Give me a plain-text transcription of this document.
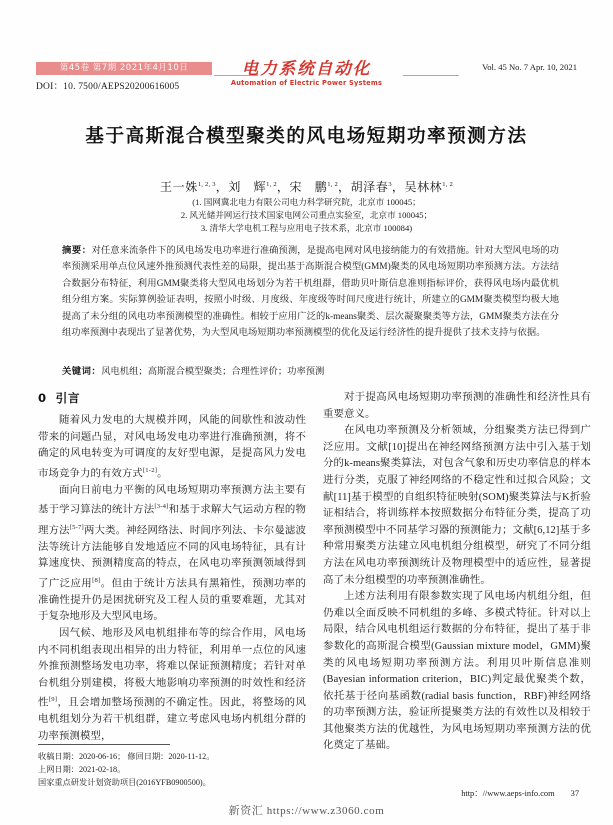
第45卷 第7期 2021年4月10日
DOI：10. 7500/AEPS20200616005
电力系统自动化
Automation of Electric Power Systems
Vol. 45 No. 7 Apr. 10, 2021
基于高斯混合模型聚类的风电场短期功率预测方法
王一姝$^{1, 2, 3}$，刘　辉$^{1, 2}$，宋　鹏$^{1, 2}$，胡泽春$^3$，吴林林$^{1, 2}$
(1. 国网冀北电力有限公司电力科学研究院，北京市 100045；
2. 风光储并网运行技术国家电网公司重点实验室，北京市 100045；
3. 清华大学电机工程与应用电子技术系，北京市 100084)
摘要：对任意来流条件下的风电场发电功率进行准确预测，是提高电网对风电接纳能力的有效措施。针对大型风电场的功率预测采用单点位风速外推预测代表性差的局限，提出基于高斯混合模型(GMM)聚类的风电场短期功率预测方法。方法结合数据分布特征，利用GMM聚类将大型风电场划分为若干机组群，借助贝叶斯信息准则指标评价，获得风电场内最优机组分组方案。实际算例验证表明，按照小时级、月度级、年度级等时间尺度进行统计，所建立的GMM聚类模型均极大地提高了未分组的风电功率预测模型的准确性。相较于应用广泛的k-means聚类、层次凝聚聚类等方法，GMM聚类方法在分组功率预测中表现出了显著优势，为大型风电场短期功率预测模型的优化及运行经济性的提升提供了技术支持与依据。
关键词：风电机组；高斯混合模型聚类；合理性评价；功率预测
0 引言

随着风力发电的大规模并网，风能的间歇性和波动性带来的问题凸显，对风电场发电功率进行准确预测，将不确定的风电转变为可调度的友好型电源，是提高风力发电市场竞争力的有效方式[1-2]。

面向日前电力平衡的风电场短期功率预测方法主要有基于学习算法的统计方法[3-4]和基于求解大气运动方程的物理方法[5-7]两大类。神经网络法、时间序列法、卡尔曼滤波法等统计方法能够自发地适应不同的风电场特征，具有计算速度快、预测精度高的特点，在风电功率预测领域得到了广泛应用[8]。但由于统计方法具有黑箱性，预测功率的准确性提升仍是困扰研究及工程人员的重要难题，尤其对于复杂地形及大型风电场。

因气候、地形及风电机组排布等的综合作用，风电场内不同机组表现出相异的出力特征，利用单一点位的风速外推预测整场发电功率，将难以保证预测精度；若针对单台机组分别建模，将极大地影响功率预测的时效性和经济性[9]，且会增加整场预测的不确定性。因此，将整场的风电机组划分为若干机组群，建立考虑风电场内机组分群的功率预测模型，

对于提高风电场短期功率预测的准确性和经济性具有重要意义。

在风电功率预测及分析领域，分组聚类方法已得到广泛应用。文献[10]提出在神经网络预测方法中引入基于划分的k-means聚类算法，对包含气象和历史功率信息的样本进行分类，克服了神经网络的不稳定性和过拟合风险；文献[11]基于模型的自组织特征映射(SOM)聚类算法与K折验证相结合，将训练样本按照数据分布特征分类，提高了功率预测模型中不同基学习器的预测能力；文献[6,12]基于多种常用聚类方法建立风电机组分组模型，研究了不同分组方法在风电功率预测统计及物理模型中的适应性，显著提高了未分组模型的功率预测准确性。

上述方法利用有限参数实现了风电场内机组分组，但仍难以全面反映不同机组的多峰、多模式特征。针对以上局限，结合风电机组运行数据的分布特征，提出了基于非参数化的高斯混合模型(Gaussian mixture model，GMM)聚类的风电场短期功率预测方法。利用贝叶斯信息准则(Bayesian information criterion，BIC)判定最优聚类个数，依托基于径向基函数(radial basis function，RBF)神经网络的功率预测方法，验证所提聚类方法的有效性以及相较于其他聚类方法的优越性，为风电场短期功率预测方法的优化奠定了基础。

收稿日期：2020-06-16； 修回日期：2020-11-12。
上网日期：2021-02-18。
国家重点研发计划资助项目(2016YFB0900500)。
http：//www.aeps-info.com 37
新资汇 https://www.z3060.com
